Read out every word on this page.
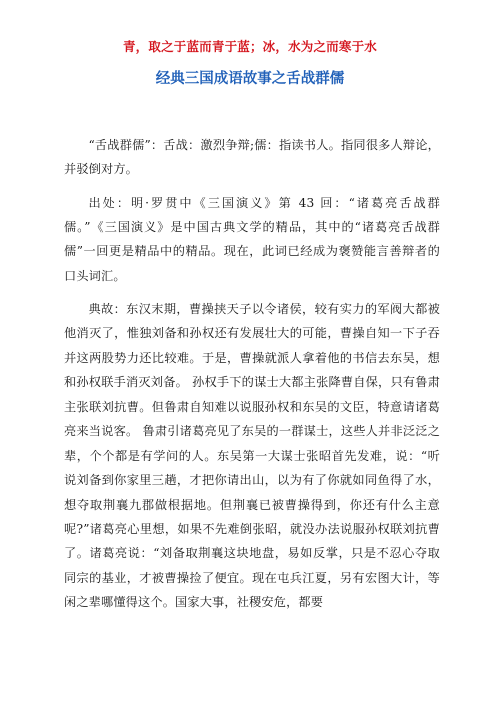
青，取之于蓝而青于蓝；冰，水为之而寒于水
经典三国成语故事之舌战群儒

“舌战群儒”：舌战：激烈争辩;儒：指读书人。指同很多人辩论，并驳倒对方。

出处：明·罗贯中《三国演义》第 43 回：“诸葛亮舌战群儒。”《三国演义》是中国古典文学的精品，其中的“诸葛亮舌战群儒”一回更是精品中的精品。现在，此词已经成为褒赞能言善辩者的口头词汇。

典故：东汉末期，曹操挟天子以令诸侯，较有实力的军阀大都被他消灭了，惟独刘备和孙权还有发展壮大的可能，曹操自知一下子吞并这两股势力还比较难。于是，曹操就派人拿着他的书信去东吴，想和孙权联手消灭刘备。 孙权手下的谋士大都主张降曹自保，只有鲁肃主张联刘抗曹。但鲁肃自知难以说服孙权和东吴的文臣，特意请诸葛亮来当说客。 鲁肃引诸葛亮见了东吴的一群谋士，这些人并非泛泛之辈，个个都是有学问的人。东吴第一大谋士张昭首先发难，说：“听说刘备到你家里三趟，才把你请出山，以为有了你就如同鱼得了水，想夺取荆襄九郡做根据地。但荆襄已被曹操得到，你还有什么主意呢?”诸葛亮心里想，如果不先难倒张昭，就没办法说服孙权联刘抗曹了。诸葛亮说：“刘备取荆襄这块地盘，易如反掌，只是不忍心夺取同宗的基业，才被曹操捡了便宜。现在屯兵江夏，另有宏图大计，等闲之辈哪懂得这个。国家大事，社稷安危，都要
